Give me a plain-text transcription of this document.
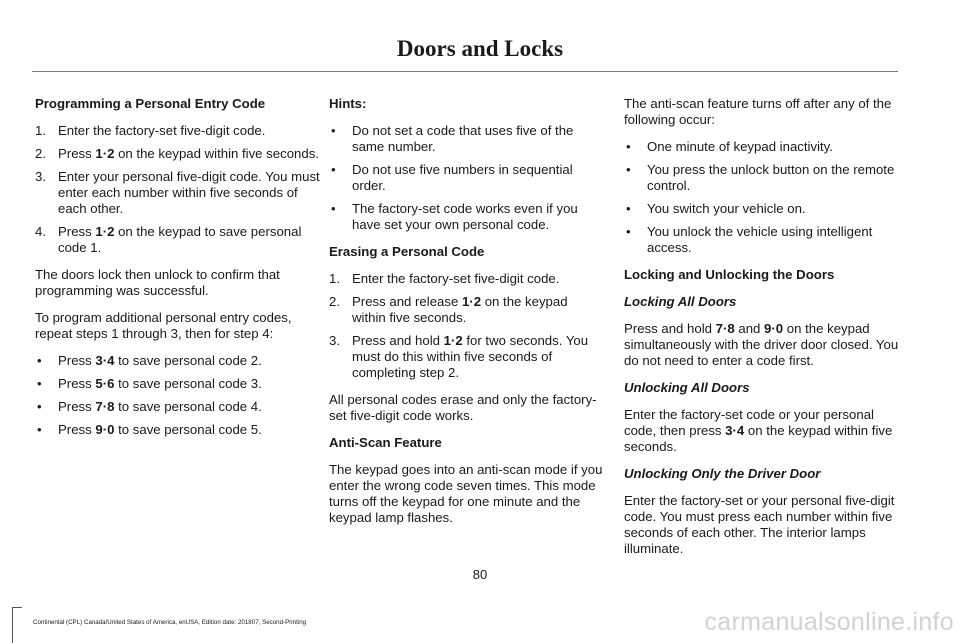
Doors and Locks
Programming a Personal Entry Code
1. Enter the factory-set five-digit code.
2. Press 1·2 on the keypad within five seconds.
3. Enter your personal five-digit code. You must enter each number within five seconds of each other.
4. Press 1·2 on the keypad to save personal code 1.

The doors lock then unlock to confirm that programming was successful.

To program additional personal entry codes, repeat steps 1 through 3, then for step 4:

• Press 3·4 to save personal code 2.
• Press 5·6 to save personal code 3.
• Press 7·8 to save personal code 4.
• Press 9·0 to save personal code 5.
Hints:
• Do not set a code that uses five of the same number.
• Do not use five numbers in sequential order.
• The factory-set code works even if you have set your own personal code.
Erasing a Personal Code
1. Enter the factory-set five-digit code.
2. Press and release 1·2 on the keypad within five seconds.
3. Press and hold 1·2 for two seconds. You must do this within five seconds of completing step 2.

All personal codes erase and only the factory-set five-digit code works.

Anti-Scan Feature

The keypad goes into an anti-scan mode if you enter the wrong code seven times. This mode turns off the keypad for one minute and the keypad lamp flashes.

The anti-scan feature turns off after any of the following occur:

• One minute of keypad inactivity.
• You press the unlock button on the remote control.
• You switch your vehicle on.
• You unlock the vehicle using intelligent access.
Locking and Unlocking the Doors
Locking All Doors

Press and hold 7·8 and 9·0 on the keypad simultaneously with the driver door closed. You do not need to enter a code first.

Unlocking All Doors

Enter the factory-set code or your personal code, then press 3·4 on the keypad within five seconds.

Unlocking Only the Driver Door

Enter the factory-set or your personal five-digit code. You must press each number within five seconds of each other. The interior lamps illuminate.

80
Continental (CPL) Canada/United States of America, enUSA, Edition date: 201807, Second-Printing	carmanualsonline.info
